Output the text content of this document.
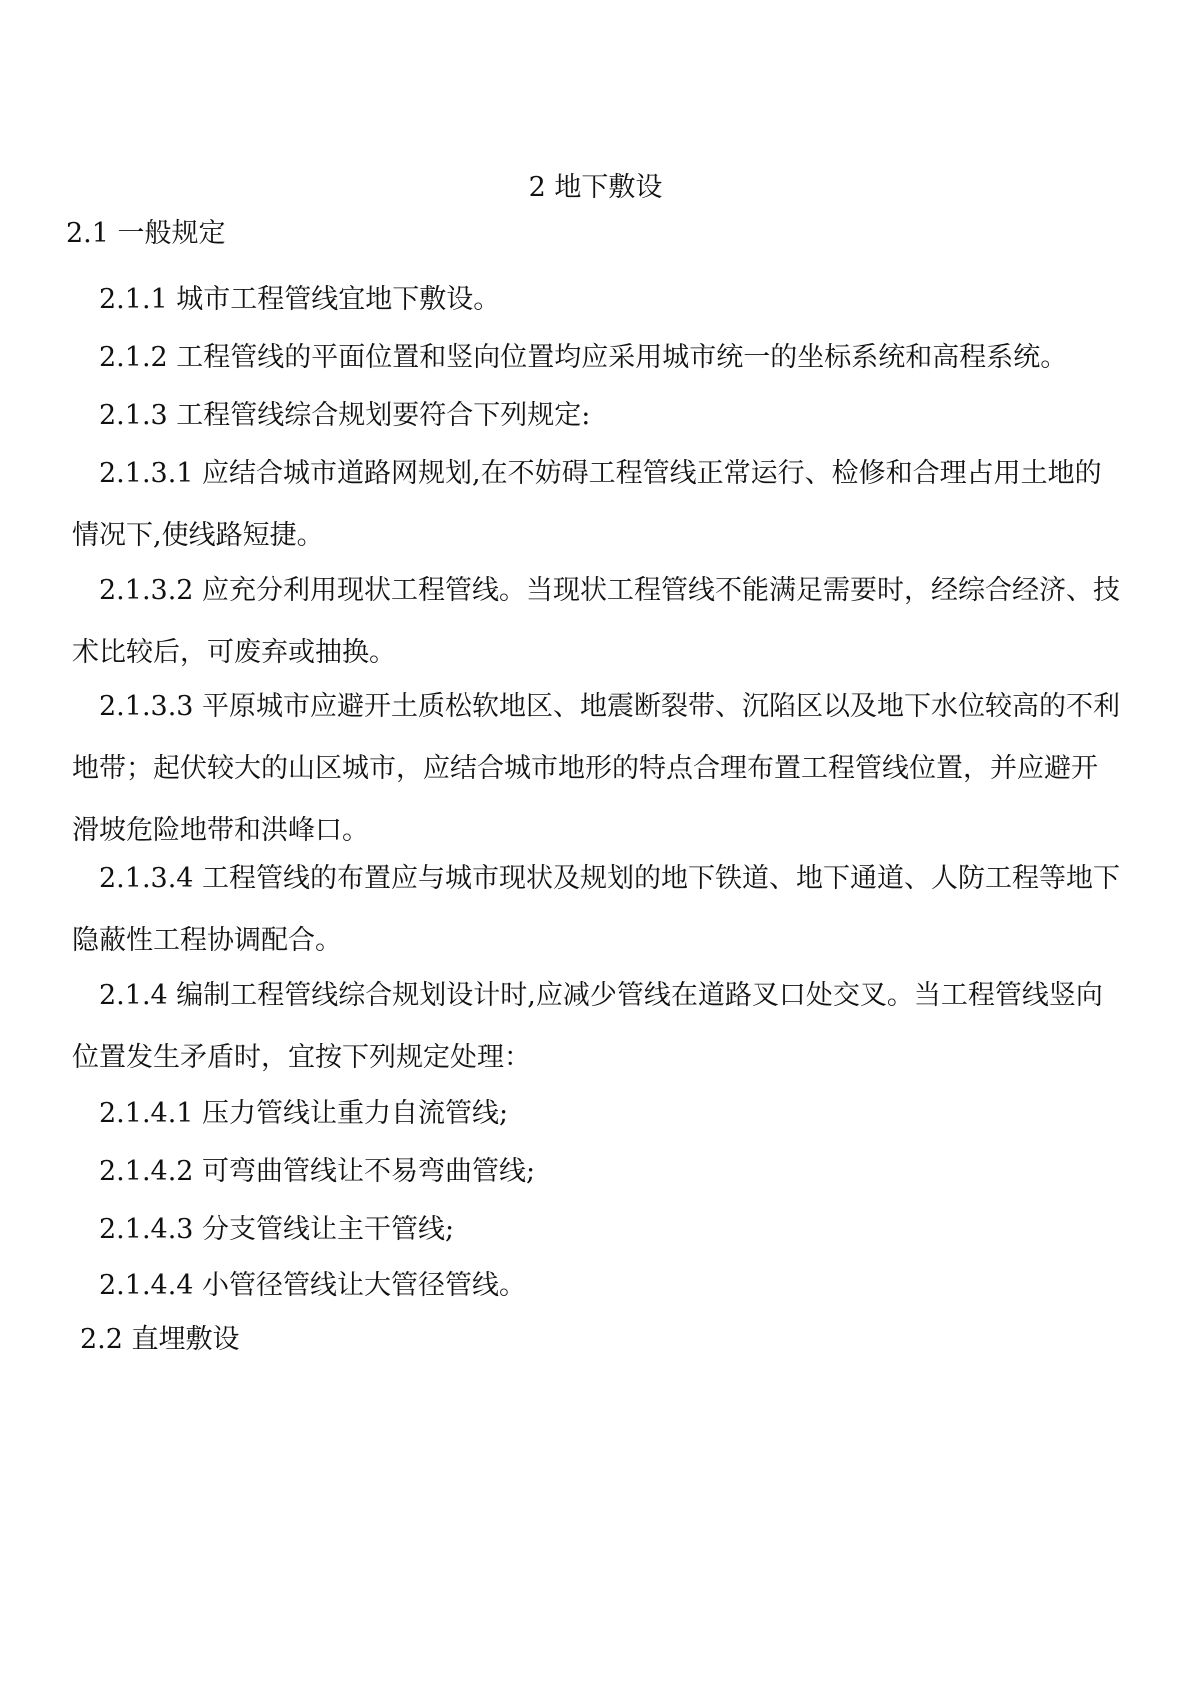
2 地下敷设
2.1 一般规定

2.1.1 城市工程管线宜地下敷设。

2.1.2 工程管线的平面位置和竖向位置均应采用城市统一的坐标系统和高程系统。

2.1.3 工程管线综合规划要符合下列规定:

2.1.3.1 应结合城市道路网规划,在不妨碍工程管线正常运行、检修和合理占用土地的情况下,使线路短捷。

2.1.3.2 应充分利用现状工程管线。当现状工程管线不能满足需要时，经综合经济、技术比较后，可废弃或抽换。

2.1.3.3 平原城市应避开土质松软地区、地震断裂带、沉陷区以及地下水位较高的不利地带；起伏较大的山区城市，应结合城市地形的特点合理布置工程管线位置，并应避开滑坡危险地带和洪峰口。

2.1.3.4 工程管线的布置应与城市现状及规划的地下铁道、地下通道、人防工程等地下隐蔽性工程协调配合。

2.1.4 编制工程管线综合规划设计时,应减少管线在道路叉口处交叉。当工程管线竖向位置发生矛盾时，宜按下列规定处理：

2.1.4.1 压力管线让重力自流管线;

2.1.4.2 可弯曲管线让不易弯曲管线;

2.1.4.3 分支管线让主干管线;

2.1.4.4 小管径管线让大管径管线。

2.2 直埋敷设
